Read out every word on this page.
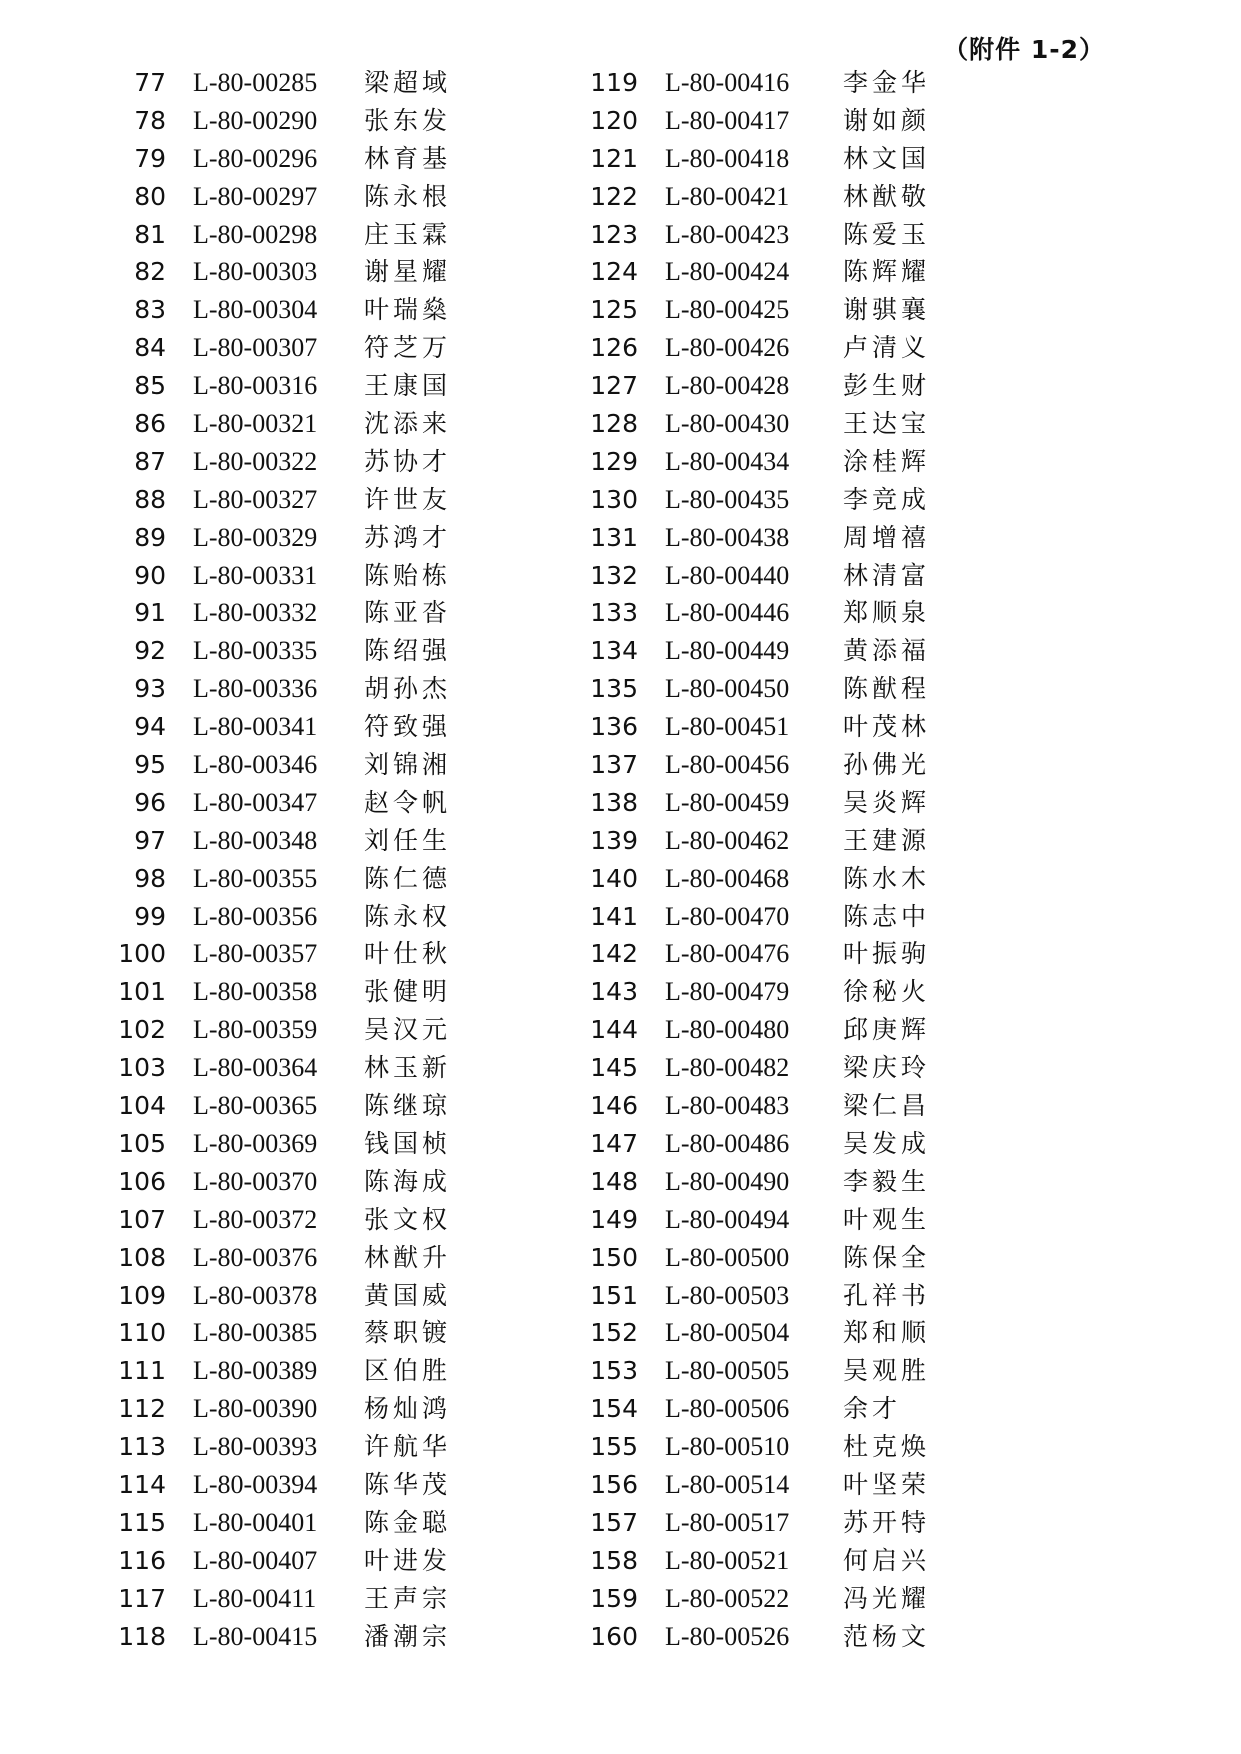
（附件 1-2）
77 L-80-00285 梁超域
78 L-80-00290 张东发
79 L-80-00296 林育基
80 L-80-00297 陈永根
81 L-80-00298 庄玉霖
82 L-80-00303 谢星耀
83 L-80-00304 叶瑞燊
84 L-80-00307 符芝万
85 L-80-00316 王康国
86 L-80-00321 沈添来
87 L-80-00322 苏协才
88 L-80-00327 许世友
89 L-80-00329 苏鸿才
90 L-80-00331 陈贻栋
91 L-80-00332 陈亚沓
92 L-80-00335 陈绍强
93 L-80-00336 胡孙杰
94 L-80-00341 符致强
95 L-80-00346 刘锦湘
96 L-80-00347 赵令帆
97 L-80-00348 刘任生
98 L-80-00355 陈仁德
99 L-80-00356 陈永权
100 L-80-00357 叶仕秋
101 L-80-00358 张健明
102 L-80-00359 吴汉元
103 L-80-00364 林玉新
104 L-80-00365 陈继琼
105 L-80-00369 钱国桢
106 L-80-00370 陈海成
107 L-80-00372 张文权
108 L-80-00376 林猷升
109 L-80-00378 黄国威
110 L-80-00385 蔡职镀
111 L-80-00389 区伯胜
112 L-80-00390 杨灿鸿
113 L-80-00393 许航华
114 L-80-00394 陈华茂
115 L-80-00401 陈金聪
116 L-80-00407 叶进发
117 L-80-00411 王声宗
118 L-80-00415 潘潮宗
119 L-80-00416 李金华
120 L-80-00417 谢如颜
121 L-80-00418 林文国
122 L-80-00421 林猷敬
123 L-80-00423 陈爱玉
124 L-80-00424 陈辉耀
125 L-80-00425 谢骐襄
126 L-80-00426 卢清义
127 L-80-00428 彭生财
128 L-80-00430 王达宝
129 L-80-00434 涂桂辉
130 L-80-00435 李竞成
131 L-80-00438 周增禧
132 L-80-00440 林清富
133 L-80-00446 郑顺泉
134 L-80-00449 黄添福
135 L-80-00450 陈猷程
136 L-80-00451 叶茂林
137 L-80-00456 孙佛光
138 L-80-00459 吴炎辉
139 L-80-00462 王建源
140 L-80-00468 陈水木
141 L-80-00470 陈志中
142 L-80-00476 叶振驹
143 L-80-00479 徐秘火
144 L-80-00480 邱庚辉
145 L-80-00482 梁庆玲
146 L-80-00483 梁仁昌
147 L-80-00486 吴发成
148 L-80-00490 李毅生
149 L-80-00494 叶观生
150 L-80-00500 陈保全
151 L-80-00503 孔祥书
152 L-80-00504 郑和顺
153 L-80-00505 吴观胜
154 L-80-00506 余才
155 L-80-00510 杜克焕
156 L-80-00514 叶坚荣
157 L-80-00517 苏开特
158 L-80-00521 何启兴
159 L-80-00522 冯光耀
160 L-80-00526 范杨文
